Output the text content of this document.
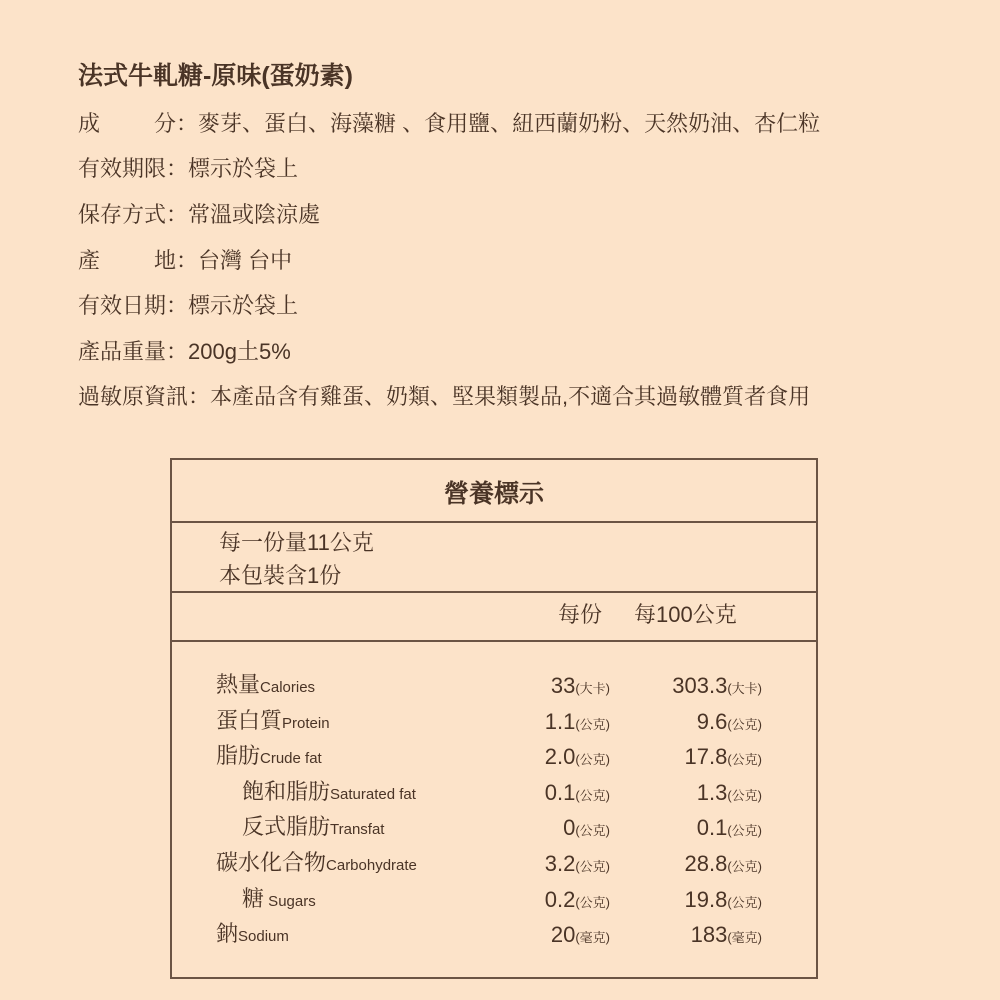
法式牛軋糖-原味(蛋奶素)
成分：麥芽、蛋白、海藻糖 、食用鹽、紐西蘭奶粉、天然奶油、杏仁粒
有效期限：標示於袋上
保存方式：常溫或陰涼處
產地：台灣 台中
有效日期：標示於袋上
產品重量：200g土5%
過敏原資訊：本產品含有雞蛋、奶類、堅果類製品,不適合其過敏體質者食用
營養標示
每一份量11公克
本包裝含1份
每份 每100公克
熱量Calories	33(大卡)	303.3(大卡)
蛋白質Protein	1.1(公克)	9.6(公克)
脂肪Crude fat	2.0(公克)	17.8(公克)
飽和脂肪Saturated fat	0.1(公克)	1.3(公克)
反式脂肪Transfat	0(公克)	0.1(公克)
碳水化合物Carbohydrate	3.2(公克)	28.8(公克)
糖 Sugars	0.2(公克)	19.8(公克)
鈉Sodium	20(毫克)	183(毫克)
